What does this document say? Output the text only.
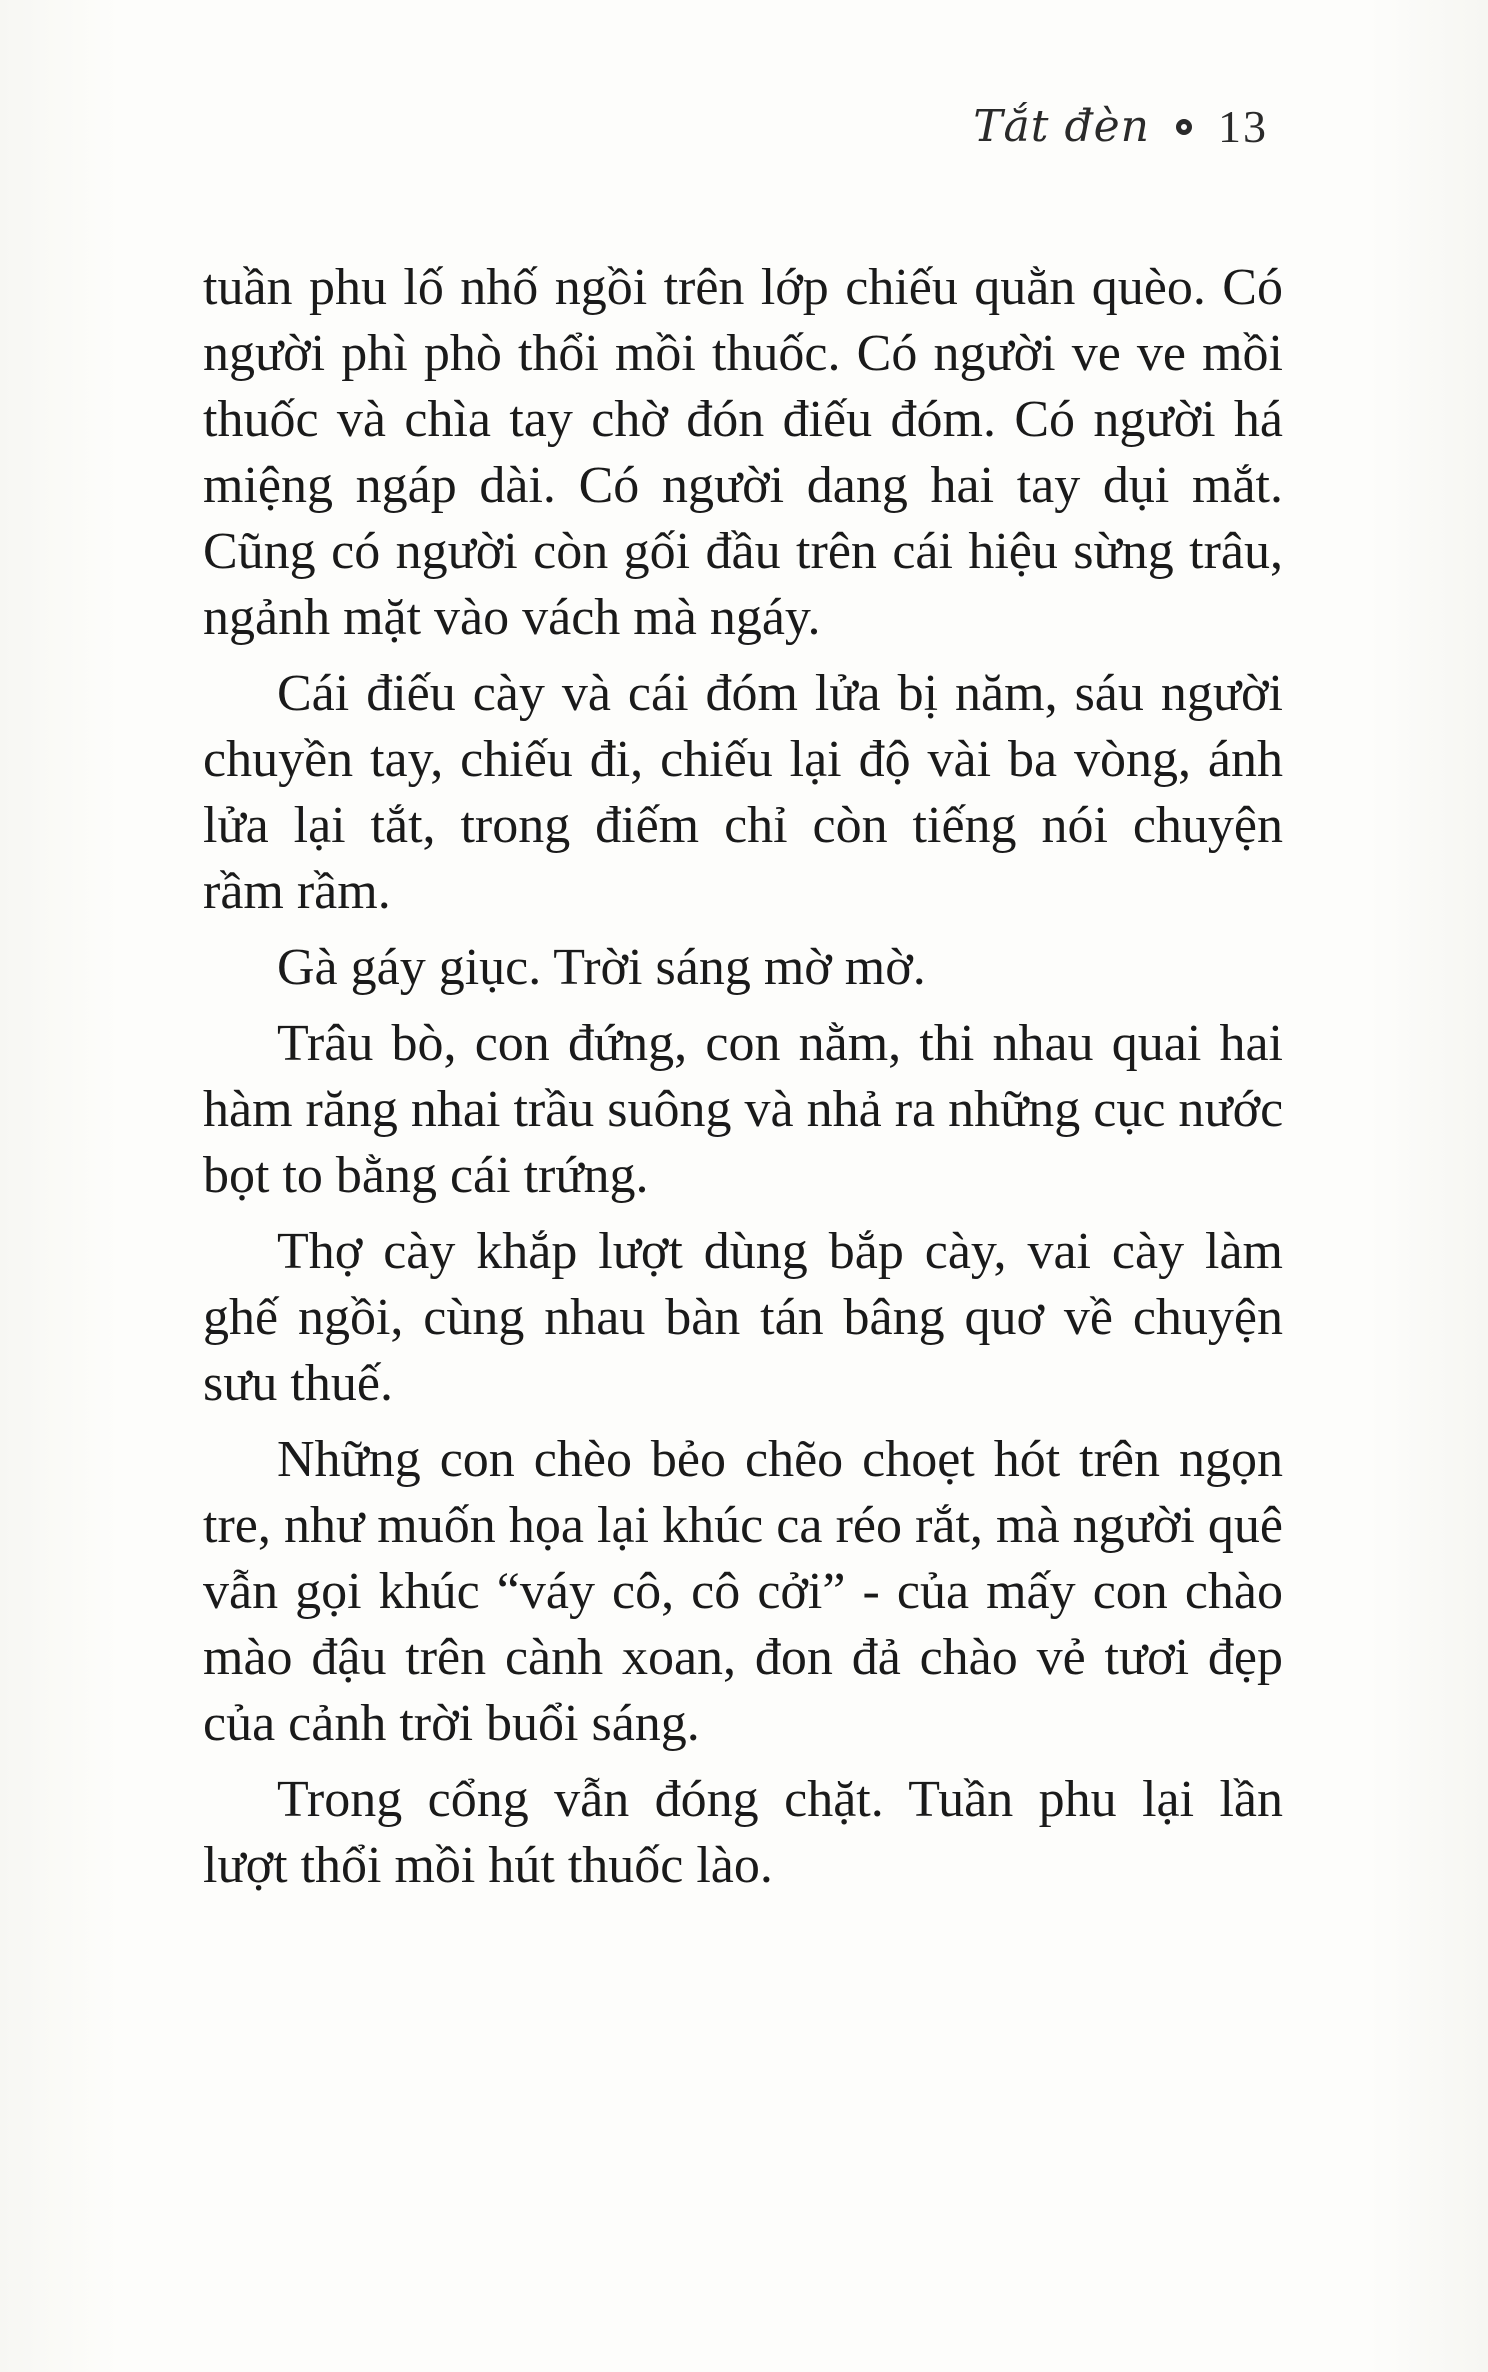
Tắt đèn 13
tuần phu lố nhố ngồi trên lớp chiếu quằn quèo. Có
người phì phò thổi mồi thuốc. Có người ve ve mồi
thuốc và chìa tay chờ đón điếu đóm. Có người há
miệng ngáp dài. Có người dang hai tay dụi mắt.
Cũng có người còn gối đầu trên cái hiệu sừng trâu,
ngảnh mặt vào vách mà ngáy.
Cái điếu cày và cái đóm lửa bị năm, sáu người
chuyền tay, chiếu đi, chiếu lại độ vài ba vòng, ánh
lửa lại tắt, trong điếm chỉ còn tiếng nói chuyện
rầm rầm.
Gà gáy giục. Trời sáng mờ mờ.
Trâu bò, con đứng, con nằm, thi nhau quai hai
hàm răng nhai trầu suông và nhả ra những cục nước
bọt to bằng cái trứng.
Thợ cày khắp lượt dùng bắp cày, vai cày làm
ghế ngồi, cùng nhau bàn tán bâng quơ về chuyện
sưu thuế.
Những con chèo bẻo chẽo choẹt hót trên ngọn
tre, như muốn họa lại khúc ca réo rắt, mà người quê
vẫn gọi khúc “váy cô, cô cởi” - của mấy con chào
mào đậu trên cành xoan, đon đả chào vẻ tươi đẹp
của cảnh trời buổi sáng.
Trong cổng vẫn đóng chặt. Tuần phu lại lần
lượt thổi mồi hút thuốc lào.
